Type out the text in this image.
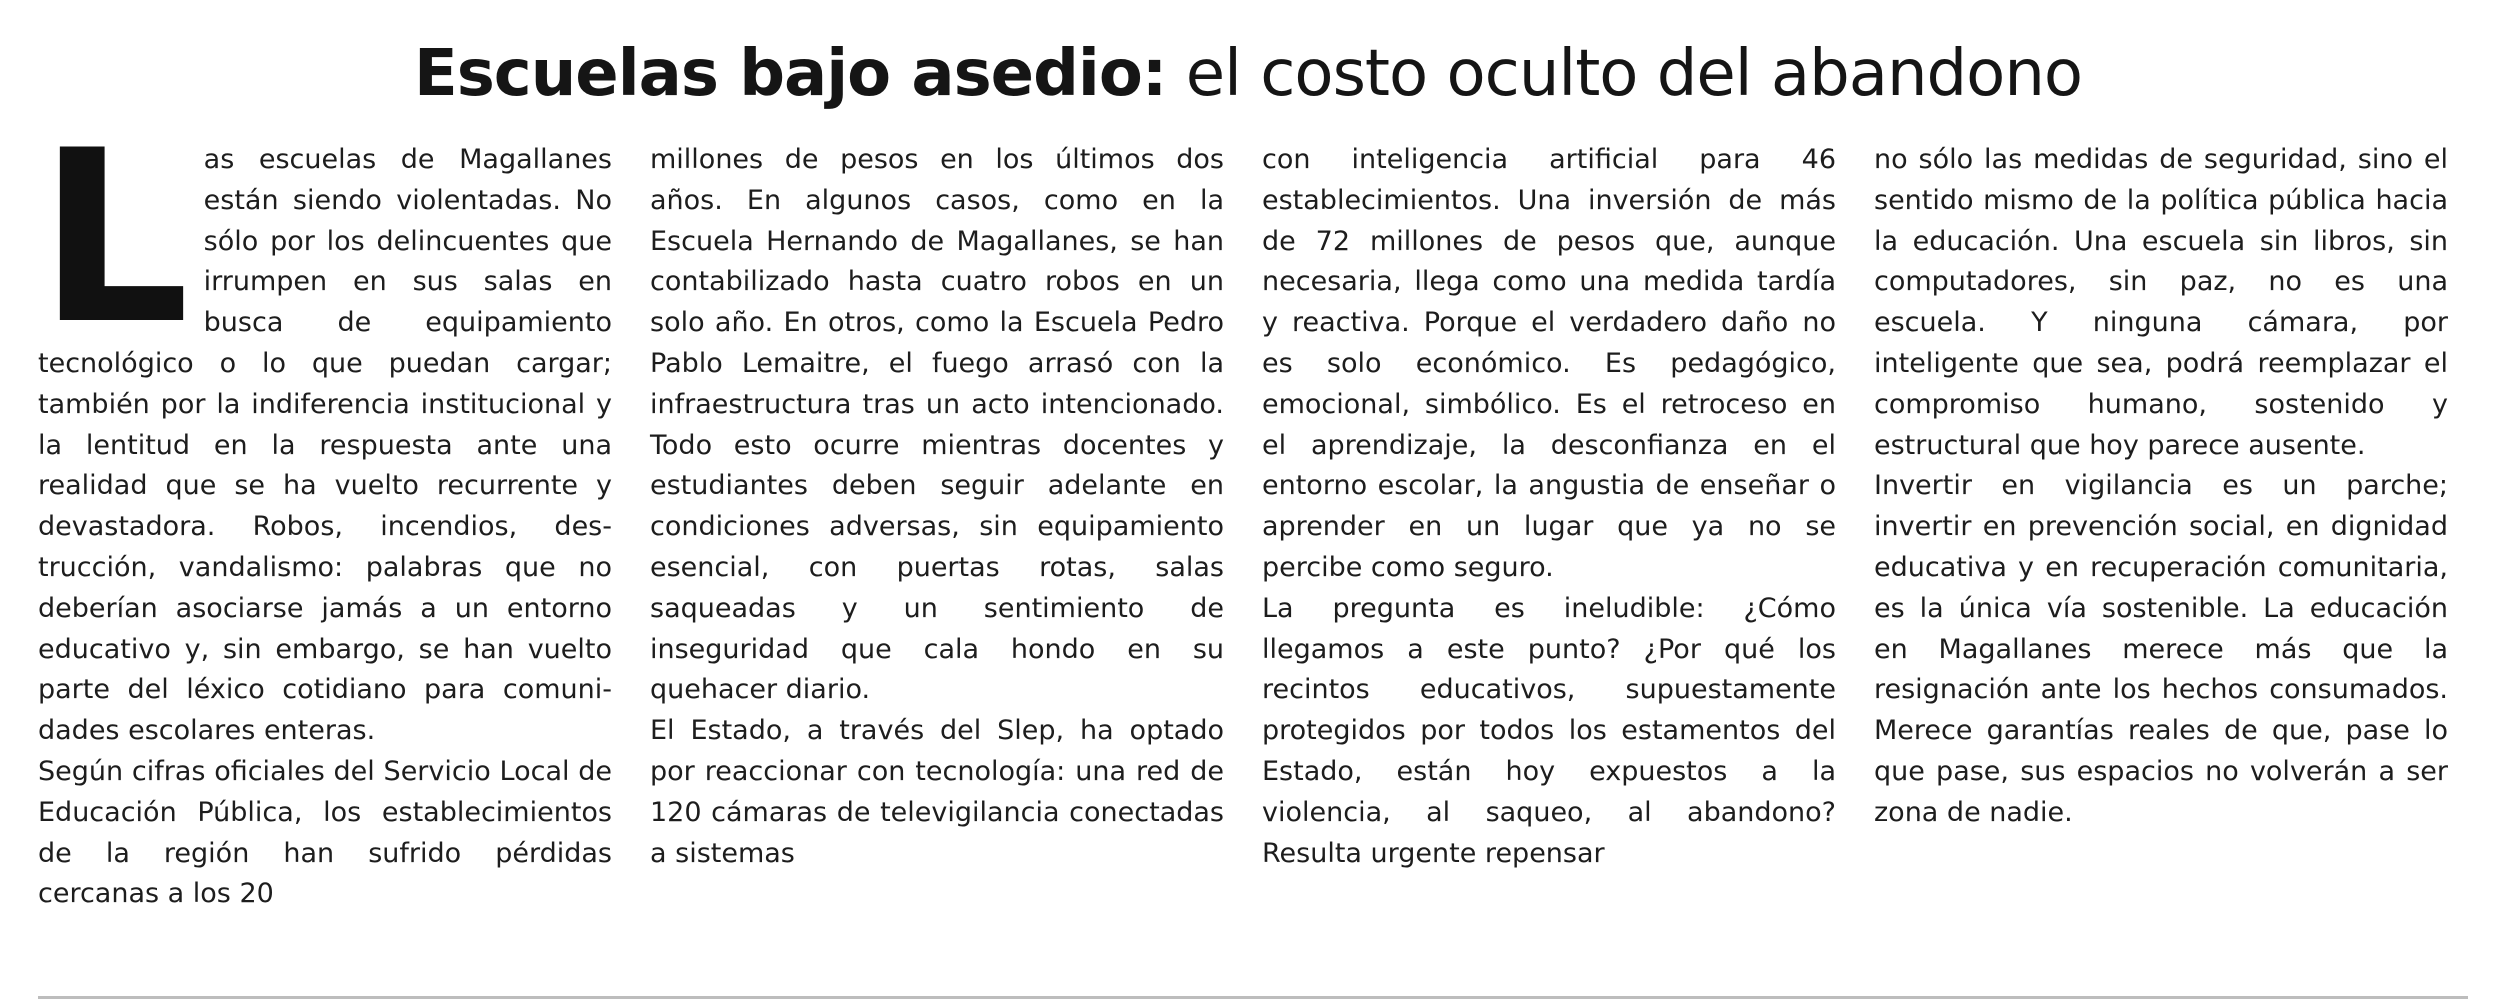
Escuelas bajo asedio: el costo oculto del abandono
L as escuelas de Magallanes están siendo violentadas. No sólo por los delincuentes que irrumpen en sus salas en busca de equipamiento tecnológico o lo que puedan cargar; también por la indiferencia institucional y la lentitud en la respuesta ante una realidad que se ha vuelto recurrente y devastadora. Robos, incendios, destrucción, vandalismo: palabras que no deberían asociarse jamás a un entorno educativo y, sin embargo, se han vuelto parte del léxico cotidiano para comunidades escolares enteras.

Según cifras oficiales del Servicio Local de Educación Pública, los establecimientos de la región han sufrido pérdidas cercanas a los 20

millones de pesos en los últimos dos años. En algunos casos, como en la Escuela Hernando de Magallanes, se han contabilizado hasta cuatro robos en un solo año. En otros, como la Escuela Pedro Pablo Lemaitre, el fuego arrasó con la infraestructura tras un acto intencionado. Todo esto ocurre mientras docentes y estudiantes deben seguir adelante en condiciones adversas, sin equipamiento esencial, con puertas rotas, salas saqueadas y un sentimiento de inseguridad que cala hondo en su quehacer diario.

El Estado, a través del Slep, ha optado por reaccionar con tecnología: una red de 120 cámaras de televigilancia conectadas a sistemas

con inteligencia artificial para 46 establecimientos. Una inversión de más de 72 millones de pesos que, aunque necesaria, llega como una medida tardía y reactiva. Porque el verdadero daño no es solo económico. Es pedagógico, emocional, simbólico. Es el retroceso en el aprendizaje, la desconfianza en el entorno escolar, la angustia de enseñar o aprender en un lugar que ya no se percibe como seguro.

La pregunta es ineludible: ¿Cómo llegamos a este punto? ¿Por qué los recintos educativos, supuestamente protegidos por todos los estamentos del Estado, están hoy expuestos a la violencia, al saqueo, al abandono? Resulta urgente repensar

no sólo las medidas de seguridad, sino el sentido mismo de la política pública hacia la educación. Una escuela sin libros, sin computadores, sin paz, no es una escuela. Y ninguna cámara, por inteligente que sea, podrá reemplazar el compromiso humano, sostenido y estructural que hoy parece ausente.

Invertir en vigilancia es un parche; invertir en prevención social, en dignidad educativa y en recuperación comunitaria, es la única vía sostenible. La educación en Magallanes merece más que la resignación ante los hechos consumados. Merece garantías reales de que, pase lo que pase, sus espacios no volverán a ser zona de nadie.
